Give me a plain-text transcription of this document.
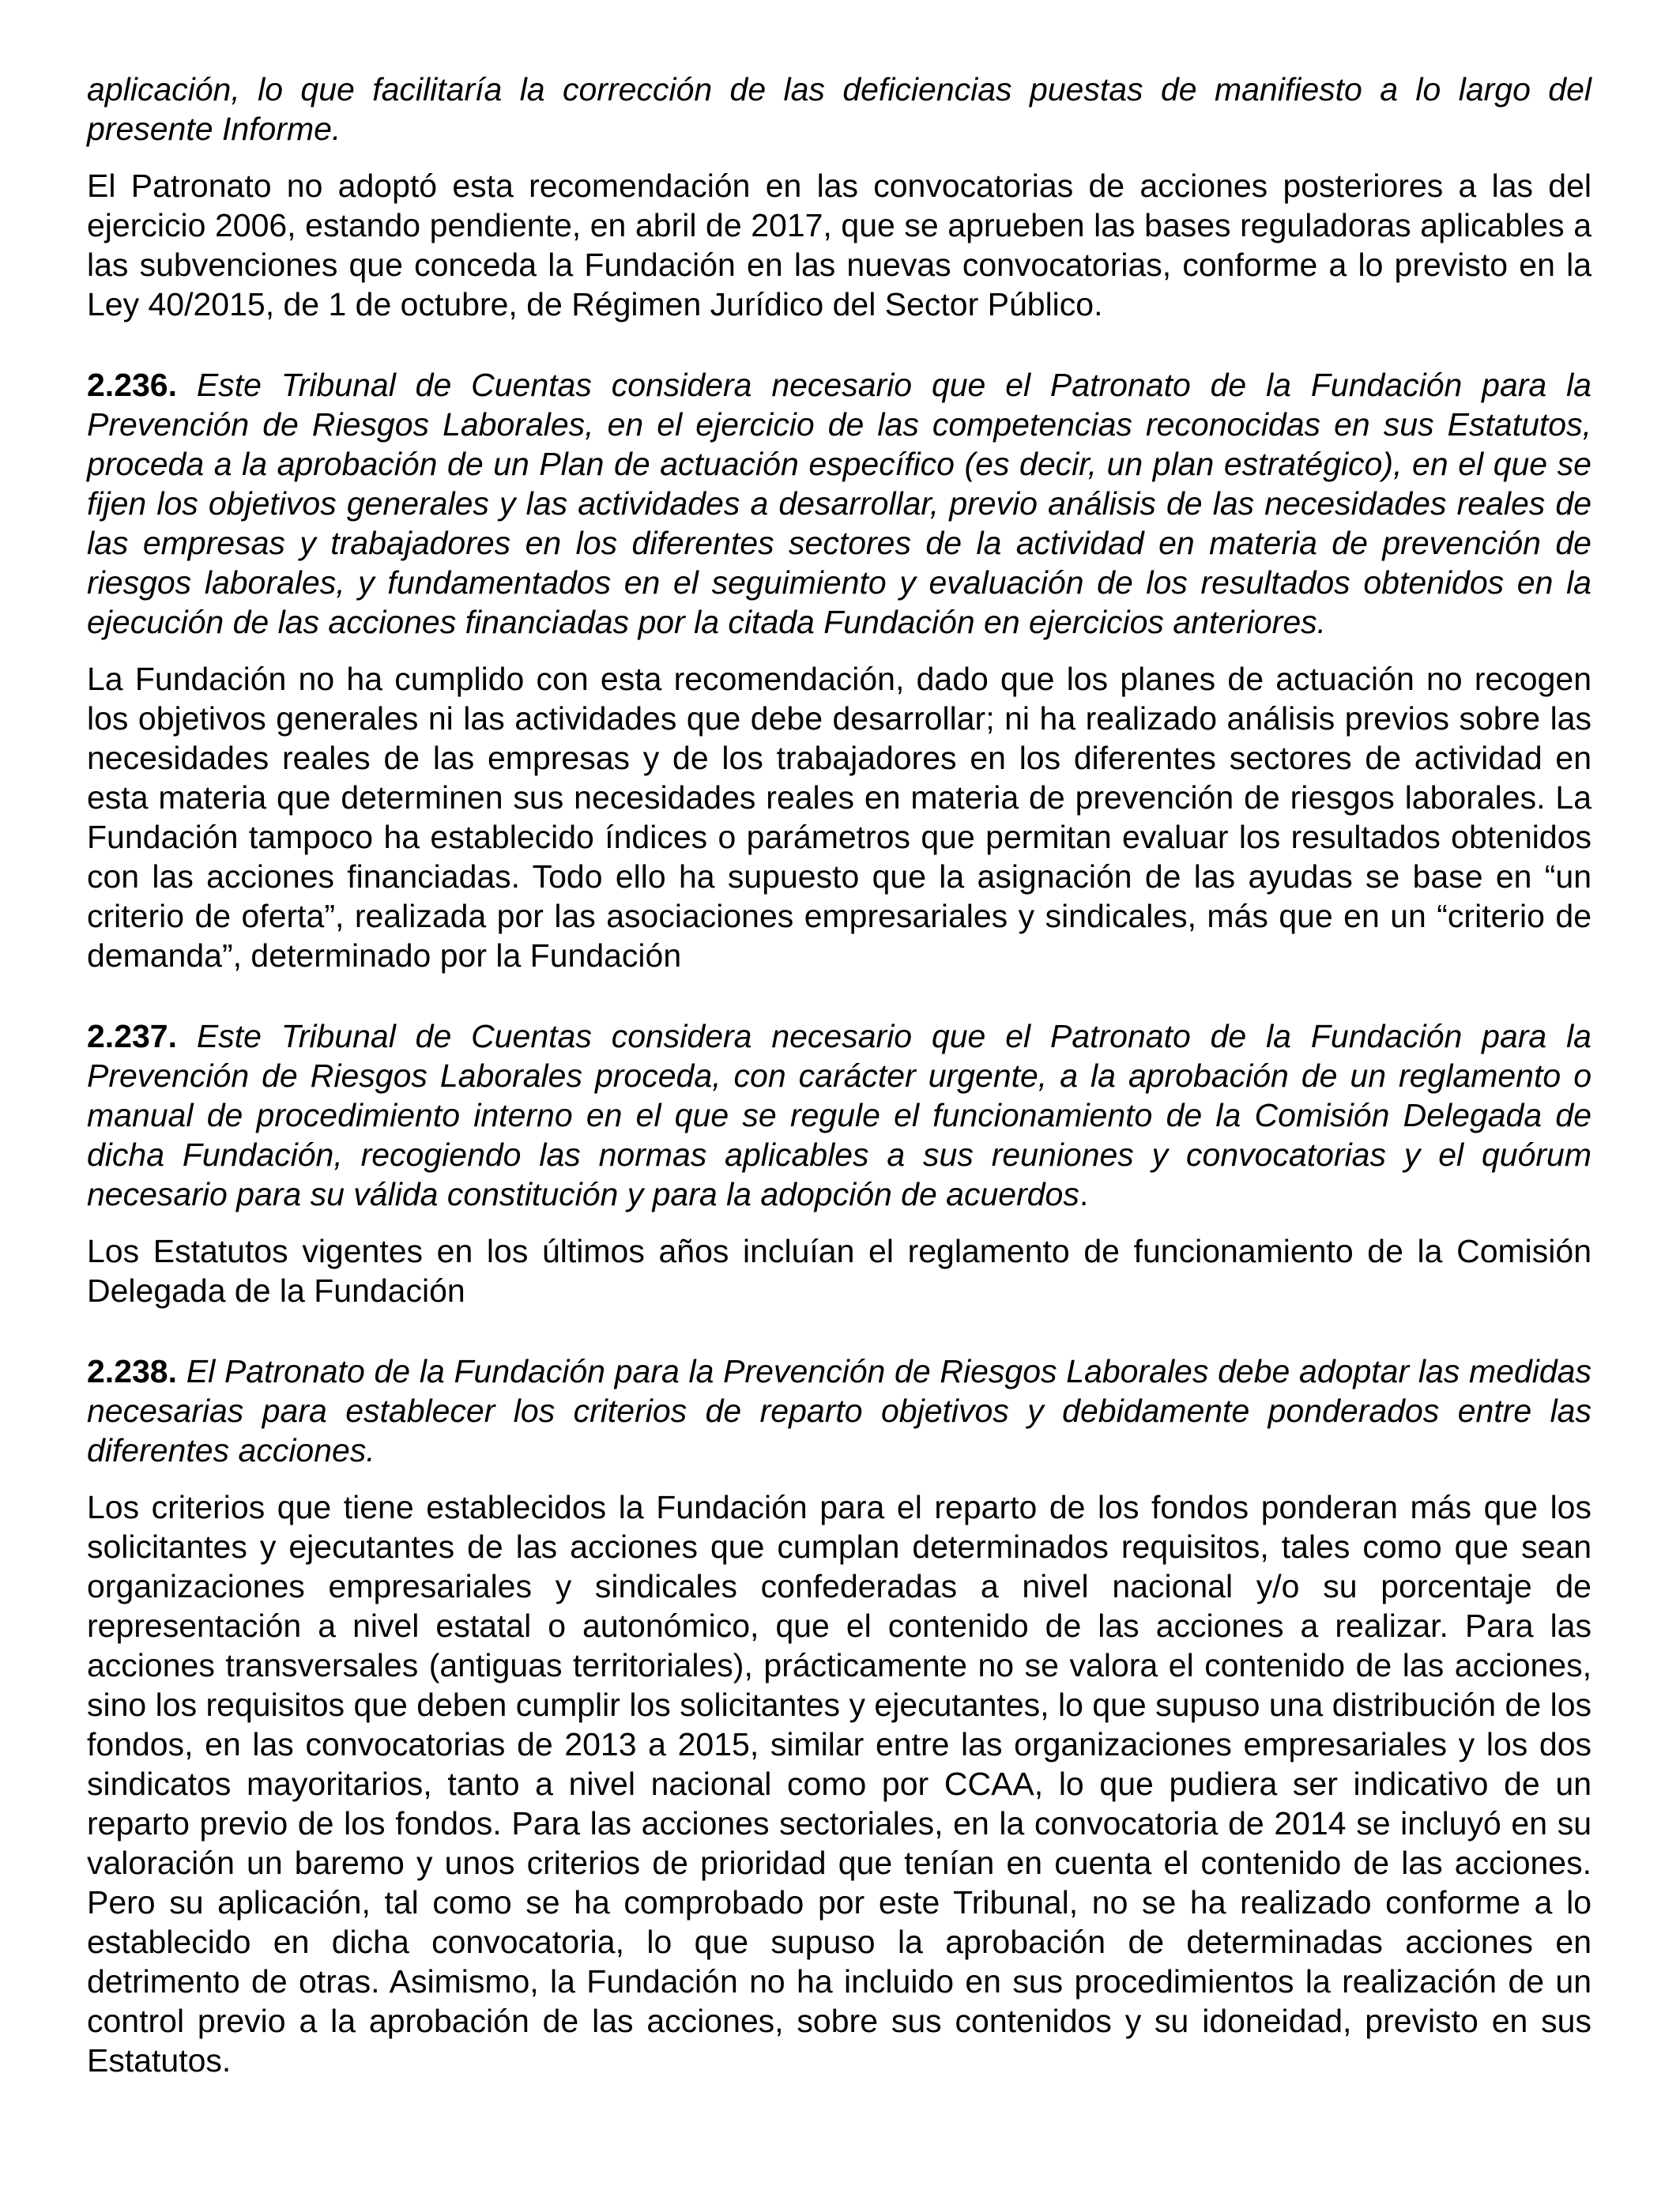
aplicación, lo que facilitaría la corrección de las deficiencias puestas de manifiesto a lo largo del presente Informe.

El Patronato no adoptó esta recomendación en las convocatorias de acciones posteriores a las del ejercicio 2006, estando pendiente, en abril de 2017, que se aprueben las bases reguladoras aplicables a las subvenciones que conceda la Fundación en las nuevas convocatorias, conforme a lo previsto en la Ley 40/2015, de 1 de octubre, de Régimen Jurídico del Sector Público.

2.236. Este Tribunal de Cuentas considera necesario que el Patronato de la Fundación para la Prevención de Riesgos Laborales, en el ejercicio de las competencias reconocidas en sus Estatutos, proceda a la aprobación de un Plan de actuación específico (es decir, un plan estratégico), en el que se fijen los objetivos generales y las actividades a desarrollar, previo análisis de las necesidades reales de las empresas y trabajadores en los diferentes sectores de la actividad en materia de prevención de riesgos laborales, y fundamentados en el seguimiento y evaluación de los resultados obtenidos en la ejecución de las acciones financiadas por la citada Fundación en ejercicios anteriores.

La Fundación no ha cumplido con esta recomendación, dado que los planes de actuación no recogen los objetivos generales ni las actividades que debe desarrollar; ni ha realizado análisis previos sobre las necesidades reales de las empresas y de los trabajadores en los diferentes sectores de actividad en esta materia que determinen sus necesidades reales en materia de prevención de riesgos laborales. La Fundación tampoco ha establecido índices o parámetros que permitan evaluar los resultados obtenidos con las acciones financiadas. Todo ello ha supuesto que la asignación de las ayudas se base en “un criterio de oferta”, realizada por las asociaciones empresariales y sindicales, más que en un “criterio de demanda”, determinado por la Fundación

2.237. Este Tribunal de Cuentas considera necesario que el Patronato de la Fundación para la Prevención de Riesgos Laborales proceda, con carácter urgente, a la aprobación de un reglamento o manual de procedimiento interno en el que se regule el funcionamiento de la Comisión Delegada de dicha Fundación, recogiendo las normas aplicables a sus reuniones y convocatorias y el quórum necesario para su válida constitución y para la adopción de acuerdos.

Los Estatutos vigentes en los últimos años incluían el reglamento de funcionamiento de la Comisión Delegada de la Fundación

2.238. El Patronato de la Fundación para la Prevención de Riesgos Laborales debe adoptar las medidas necesarias para establecer los criterios de reparto objetivos y debidamente ponderados entre las diferentes acciones.

Los criterios que tiene establecidos la Fundación para el reparto de los fondos ponderan más que los solicitantes y ejecutantes de las acciones que cumplan determinados requisitos, tales como que sean organizaciones empresariales y sindicales confederadas a nivel nacional y/o su porcentaje de representación a nivel estatal o autonómico, que el contenido de las acciones a realizar. Para las acciones transversales (antiguas territoriales), prácticamente no se valora el contenido de las acciones, sino los requisitos que deben cumplir los solicitantes y ejecutantes, lo que supuso una distribución de los fondos, en las convocatorias de 2013 a 2015, similar entre las organizaciones empresariales y los dos sindicatos mayoritarios, tanto a nivel nacional como por CCAA, lo que pudiera ser indicativo de un reparto previo de los fondos. Para las acciones sectoriales, en la convocatoria de 2014 se incluyó en su valoración un baremo y unos criterios de prioridad que tenían en cuenta el contenido de las acciones. Pero su aplicación, tal como se ha comprobado por este Tribunal, no se ha realizado conforme a lo establecido en dicha convocatoria, lo que supuso la aprobación de determinadas acciones en detrimento de otras. Asimismo, la Fundación no ha incluido en sus procedimientos la realización de un control previo a la aprobación de las acciones, sobre sus contenidos y su idoneidad, previsto en sus Estatutos.
